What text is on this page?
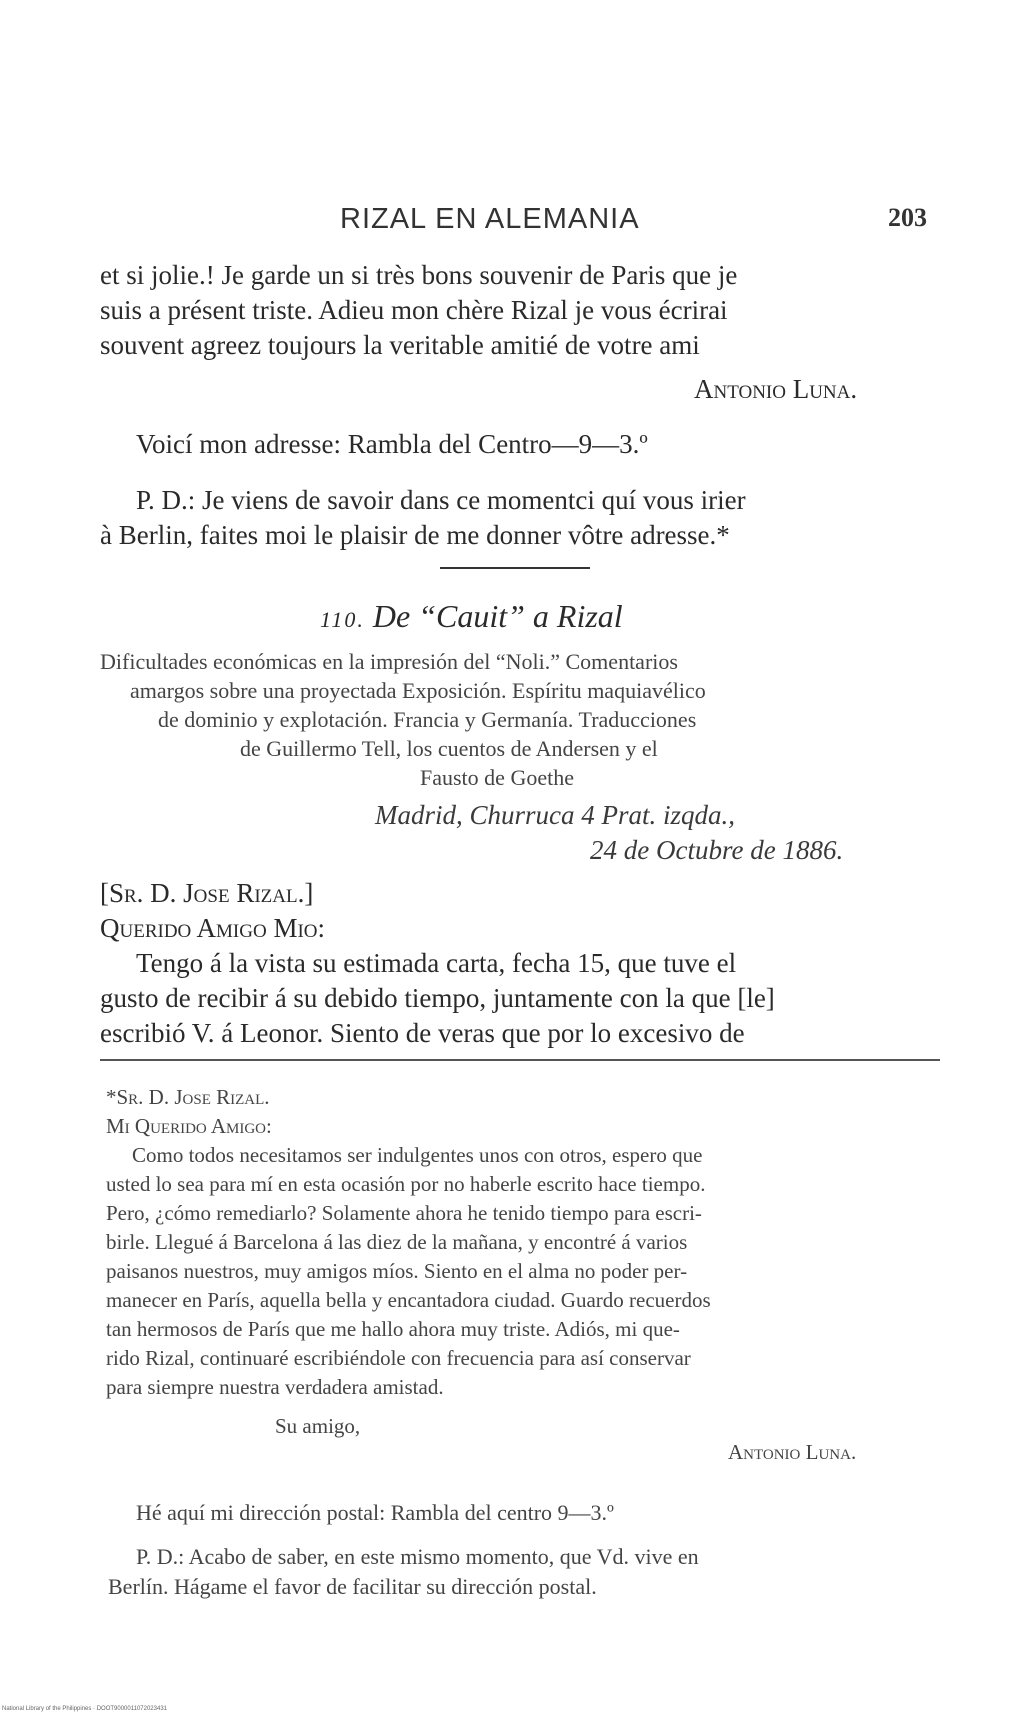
RIZAL EN ALEMANIA	203
et si jolie.! Je garde un si très bons souvenir de Paris que je
suis a présent triste. Adieu mon chère Rizal je vous écrirai
souvent agreez toujours la veritable amitié de votre ami
Antonio Luna.
Voicí mon adresse: Rambla del Centro—9—3.º
P. D.: Je viens de savoir dans ce momentci quí vous irier
à Berlin, faites moi le plaisir de me donner vôtre adresse.*
110. De “Cauit” a Rizal
Dificultades económicas en la impresión del “Noli.” Comentarios
amargos sobre una proyectada Exposición. Espíritu maquiavélico
de dominio y explotación. Francia y Germanía. Traducciones
de Guillermo Tell, los cuentos de Andersen y el
Fausto de Goethe
Madrid, Churruca 4 Prat. izqda.,
24 de Octubre de 1886.
[Sr. D. Jose Rizal.]
Querido Amigo Mio:
Tengo á la vista su estimada carta, fecha 15, que tuve el
gusto de recibir á su debido tiempo, juntamente con la que [le]
escribió V. á Leonor. Siento de veras que por lo excesivo de
*Sr. D. Jose Rizal.
Mi Querido Amigo:
Como todos necesitamos ser indulgentes unos con otros, espero que
usted lo sea para mí en esta ocasión por no haberle escrito hace tiempo.
Pero, ¿cómo remediarlo? Solamente ahora he tenido tiempo para escri-
birle. Llegué á Barcelona á las diez de la mañana, y encontré á varios
paisanos nuestros, muy amigos míos. Siento en el alma no poder per-
manecer en París, aquella bella y encantadora ciudad. Guardo recuerdos
tan hermosos de París que me hallo ahora muy triste. Adiós, mi que-
rido Rizal, continuaré escribiéndole con frecuencia para así conservar
para siempre nuestra verdadera amistad.
Su amigo,
Antonio Luna.
Hé aquí mi dirección postal: Rambla del centro 9—3.º
P. D.: Acabo de saber, en este mismo momento, que Vd. vive en
Berlín. Hágame el favor de facilitar su dirección postal.
National Library of the Philippines · DOOT9000011072023431
